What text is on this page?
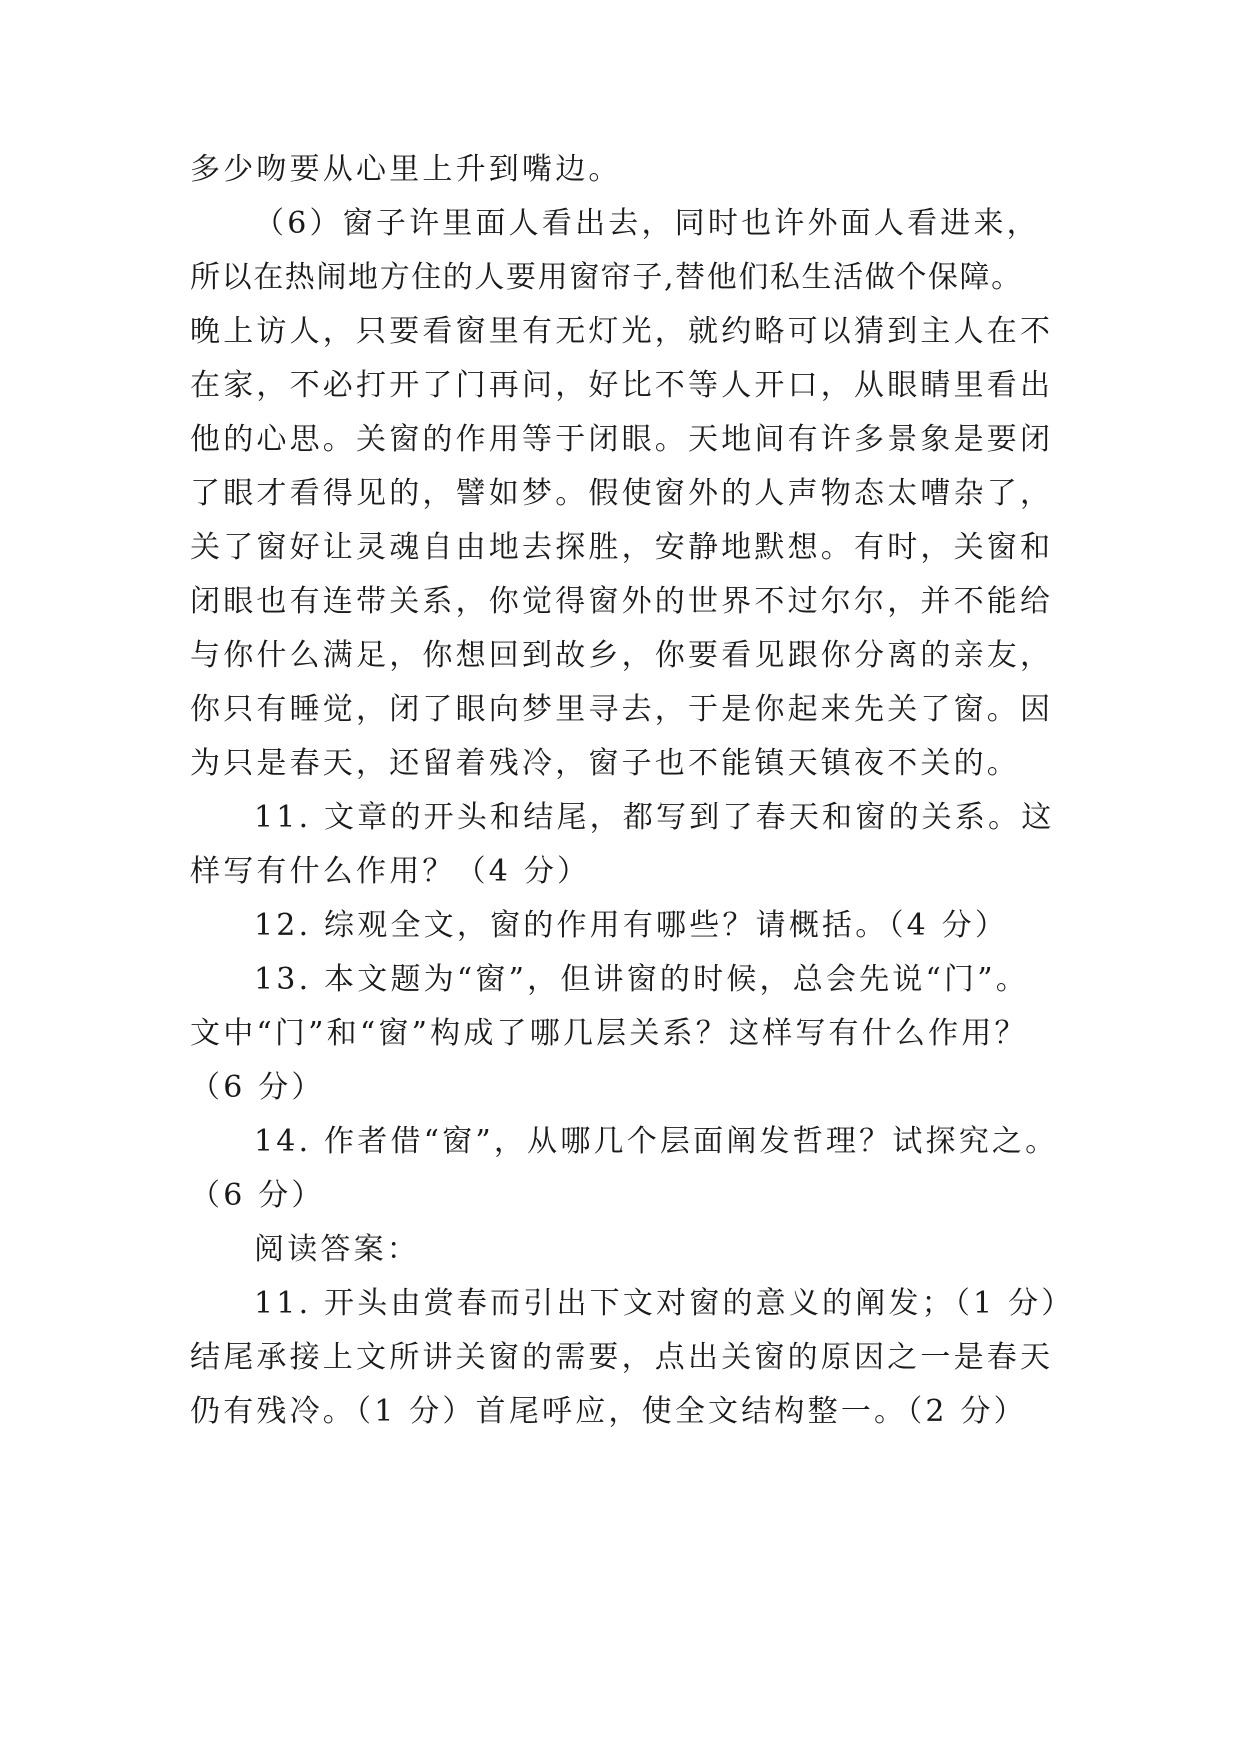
多少吻要从心里上升到嘴边。
（6）窗子许里面人看出去，同时也许外面人看进来，
所以在热闹地方住的人要用窗帘子,替他们私生活做个保障。
晚上访人，只要看窗里有无灯光，就约略可以猜到主人在不
在家，不必打开了门再问，好比不等人开口，从眼睛里看出
他的心思。关窗的作用等于闭眼。天地间有许多景象是要闭
了眼才看得见的，譬如梦。假使窗外的人声物态太嘈杂了，
关了窗好让灵魂自由地去探胜，安静地默想。有时，关窗和
闭眼也有连带关系，你觉得窗外的世界不过尔尔，并不能给
与你什么满足，你想回到故乡，你要看见跟你分离的亲友，
你只有睡觉，闭了眼向梦里寻去，于是你起来先关了窗。因
为只是春天，还留着残冷，窗子也不能镇天镇夜不关的。
11. 文章的开头和结尾，都写到了春天和窗的关系。这
样写有什么作用？（4 分）
12. 综观全文，窗的作用有哪些？请概括。（4 分）
13. 本文题为“窗”，但讲窗的时候，总会先说“门”。
文中“门”和“窗”构成了哪几层关系？这样写有什么作用？
（6 分）
14. 作者借“窗”，从哪几个层面阐发哲理？试探究之。
（6 分）
阅读答案：
11. 开头由赏春而引出下文对窗的意义的阐发；（1 分）
结尾承接上文所讲关窗的需要，点出关窗的原因之一是春天
仍有残冷。（1 分）首尾呼应，使全文结构整一。（2 分）
